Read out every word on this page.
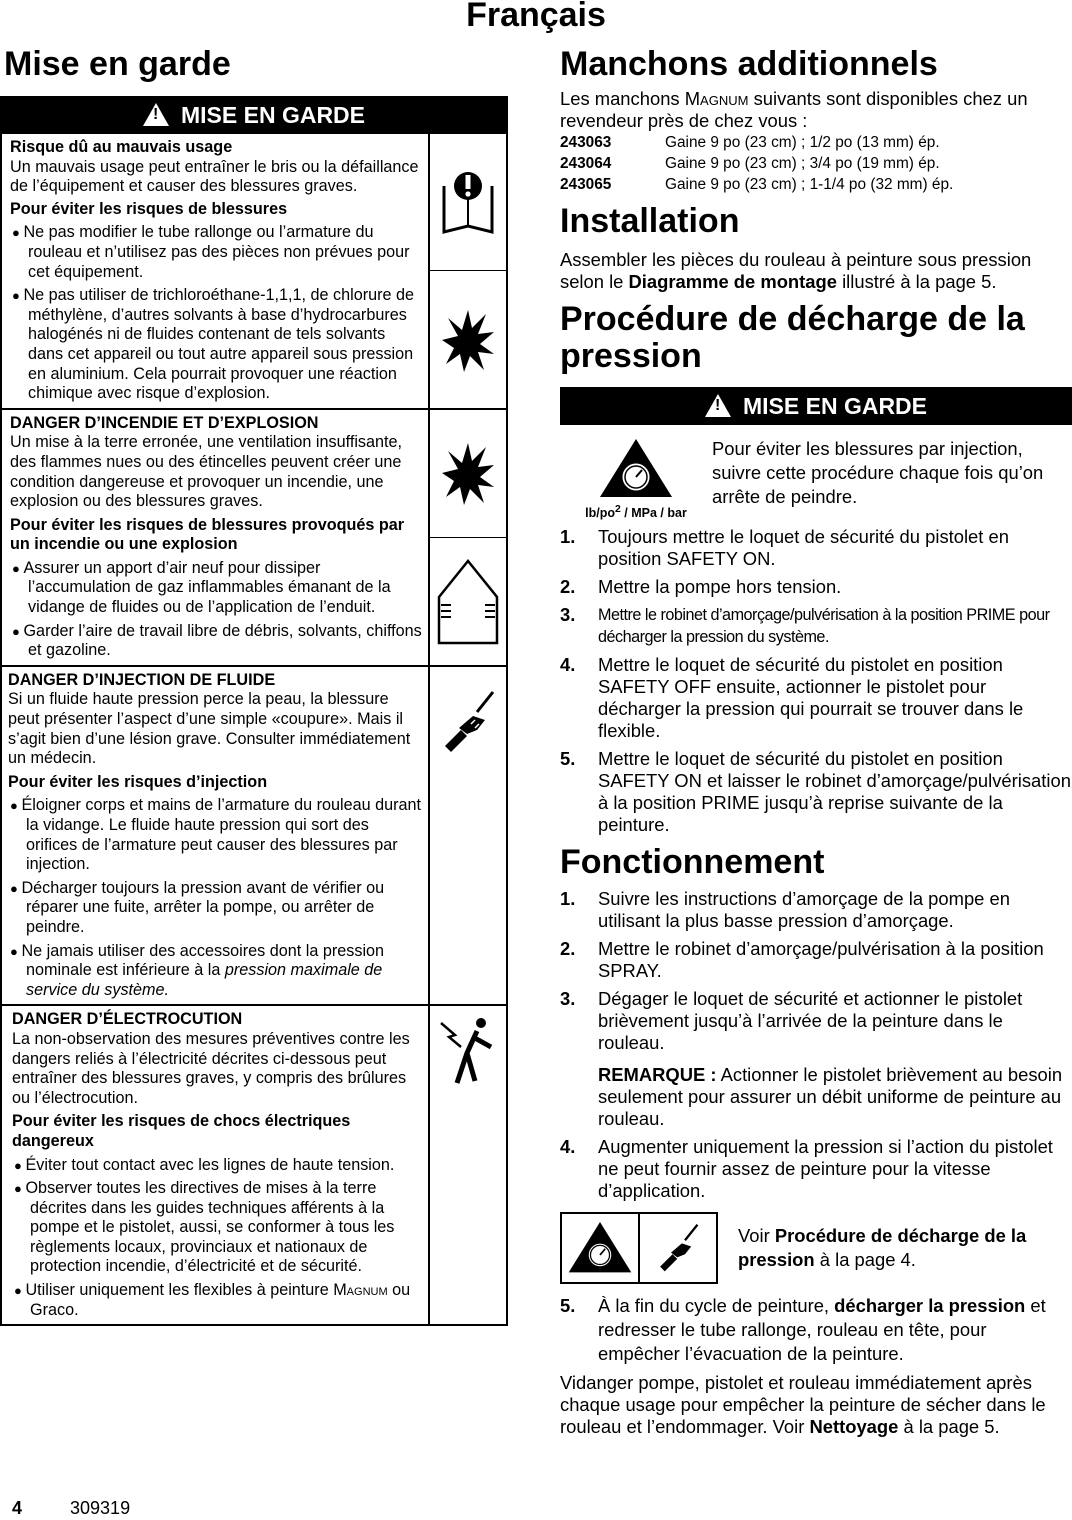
Français
Mise en garde
!MISE EN GARDE

Risque dû au mauvais usage

Un mauvais usage peut entraîner le bris ou la défaillance de l’équipement et causer des blessures graves.

Pour éviter les risques de blessures

● Ne pas modifier le tube rallonge ou l’armature du rouleau et n’utilisez pas des pièces non prévues pour cet équipement.

● Ne pas utiliser de trichloroéthane-1,1,1, de chlorure de méthylène, d’autres solvants à base d’hydrocarbures halogénés ni de fluides contenant de tels solvants dans cet appareil ou tout autre appareil sous pression en aluminium. Cela pourrait provoquer une réaction chimique avec risque d’explosion.

DANGER D’INCENDIE ET D’EXPLOSION

Un mise à la terre erronée, une ventilation insuffisante, des flammes nues ou des étincelles peuvent créer une condition dangereuse et provoquer un incendie, une explosion ou des blessures graves.

Pour éviter les risques de blessures provoqués par un incendie ou une explosion

● Assurer un apport d’air neuf pour dissiper l’accumulation de gaz inflammables émanant de la vidange de fluides ou de l’application de l’enduit.

● Garder l’aire de travail libre de débris, solvants, chiffons et gazoline.

DANGER D’INJECTION DE FLUIDE

Si un fluide haute pression perce la peau, la blessure peut présenter l’aspect d’une simple «coupure». Mais il s’agit bien d’une lésion grave. Consulter immédiatement un médecin.

Pour éviter les risques d’injection

● Éloigner corps et mains de l’armature du rouleau durant la vidange. Le fluide haute pression qui sort des orifices de l’armature peut causer des blessures par injection.

● Décharger toujours la pression avant de vérifier ou réparer une fuite, arrêter la pompe, ou arrêter de peindre.

● Ne jamais utiliser des accessoires dont la pression nominale est inférieure à la pression maximale de service du système.

DANGER D’ÉLECTROCUTION

La non-observation des mesures préventives contre les dangers reliés à l’électricité décrites ci-dessous peut entraîner des blessures graves, y compris des brûlures ou l’électrocution.

Pour éviter les risques de chocs électriques dangereux

● Éviter tout contact avec les lignes de haute tension.

● Observer toutes les directives de mises à la terre décrites dans les guides techniques afférents à la pompe et le pistolet, aussi, se conformer à tous les règlements locaux, provinciaux et nationaux de protection incendie, d’électricité et de sécurité.

● Utiliser uniquement les flexibles à peinture Magnum ou Graco.

Manchons additionnels

Les manchons Magnum suivants sont disponibles chez un revendeur près de chez vous :

243063	Gaine 9 po (23 cm) ; 1/2 po (13 mm) ép.
243064	Gaine 9 po (23 cm) ; 3/4 po (19 mm) ép.
243065	Gaine 9 po (23 cm) ; 1-1/4 po (32 mm) ép.
Installation

Assembler les pièces du rouleau à peinture sous pression selon le Diagramme de montage illustré à la page 5.

Procédure de décharge de la pression
!MISE EN GARDE
$lb/po^2$ / MPa / bar

Pour éviter les blessures par injection, suivre cette procédure chaque fois qu’on arrête de peindre.

1.	Toujours mettre le loquet de sécurité du pistolet en position SAFETY ON.
2.	Mettre la pompe hors tension.
3.	Mettre le robinet d’amorçage/pulvérisation à la position PRIME pour décharger la pression du système.
4.	Mettre le loquet de sécurité du pistolet en position SAFETY OFF ensuite, actionner le pistolet pour décharger la pression qui pourrait se trouver dans le flexible.
5.	Mettre le loquet de sécurité du pistolet en position SAFETY ON et laisser le robinet d’amorçage/pulvérisation à la position PRIME jusqu’à reprise suivante de la peinture.
Fonctionnement
1.	Suivre les instructions d’amorçage de la pompe en utilisant la plus basse pression d’amorçage.
2.	Mettre le robinet d’amorçage/pulvérisation à la position SPRAY.
3.	Dégager le loquet de sécurité et actionner le pistolet brièvement jusqu’à l’arrivée de la peinture dans le rouleau.

REMARQUE : Actionner le pistolet brièvement au besoin seulement pour assurer un débit uniforme de peinture au rouleau.

4.	Augmenter uniquement la pression si l’action du pistolet ne peut fournir assez de peinture pour la vitesse d’application.

Voir Procédure de décharge de la pression à la page 4.

5.	À la fin du cycle de peinture, décharger la pression et redresser le tube rallonge, rouleau en tête, pour empêcher l’évacuation de la peinture.

Vidanger pompe, pistolet et rouleau immédiatement après chaque usage pour empêcher la peinture de sécher dans le rouleau et l’endommager. Voir Nettoyage à la page 5.

4	309319
